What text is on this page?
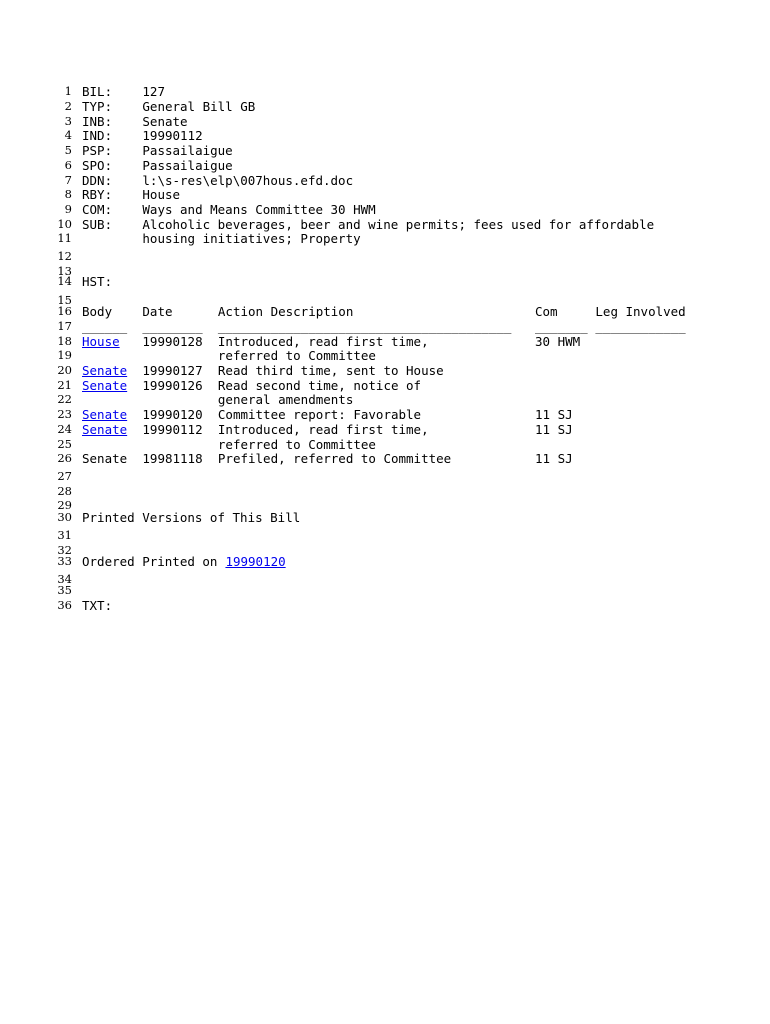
1 BIL: 127
2 TYP: General Bill GB
3 INB: Senate
4 IND: 19990112
5 PSP: Passailaigue
6 SPO: Passailaigue
7 DDN: l:\s-res\elp\007hous.efd.doc
8 RBY: House
9 COM: Ways and Means Committee 30 HWM
10 SUB: Alcoholic beverages, beer and wine permits; fees used for affordable
11	housing initiatives; Property
12
13
14 HST:
15
16 Body Date	Action Description	Com	Leg Involved
17 ______ ________ _______________________________________ _______ ____________
18 House 19990128 Introduced, read first time,	30 HWM
19	referred to Committee
20 Senate 19990127 Read third time, sent to House
21 Senate 19990126 Read second time, notice of
22	general amendments
23 Senate 19990120 Committee report: Favorable	11 SJ
24 Senate 19990112 Introduced, read first time,	11 SJ
25	referred to Committee
26 Senate 19981118 Prefiled, referred to Committee	11 SJ
27
28
29
30 Printed Versions of This Bill
31
32
33 Ordered Printed on 19990120
34
35
36 TXT:
